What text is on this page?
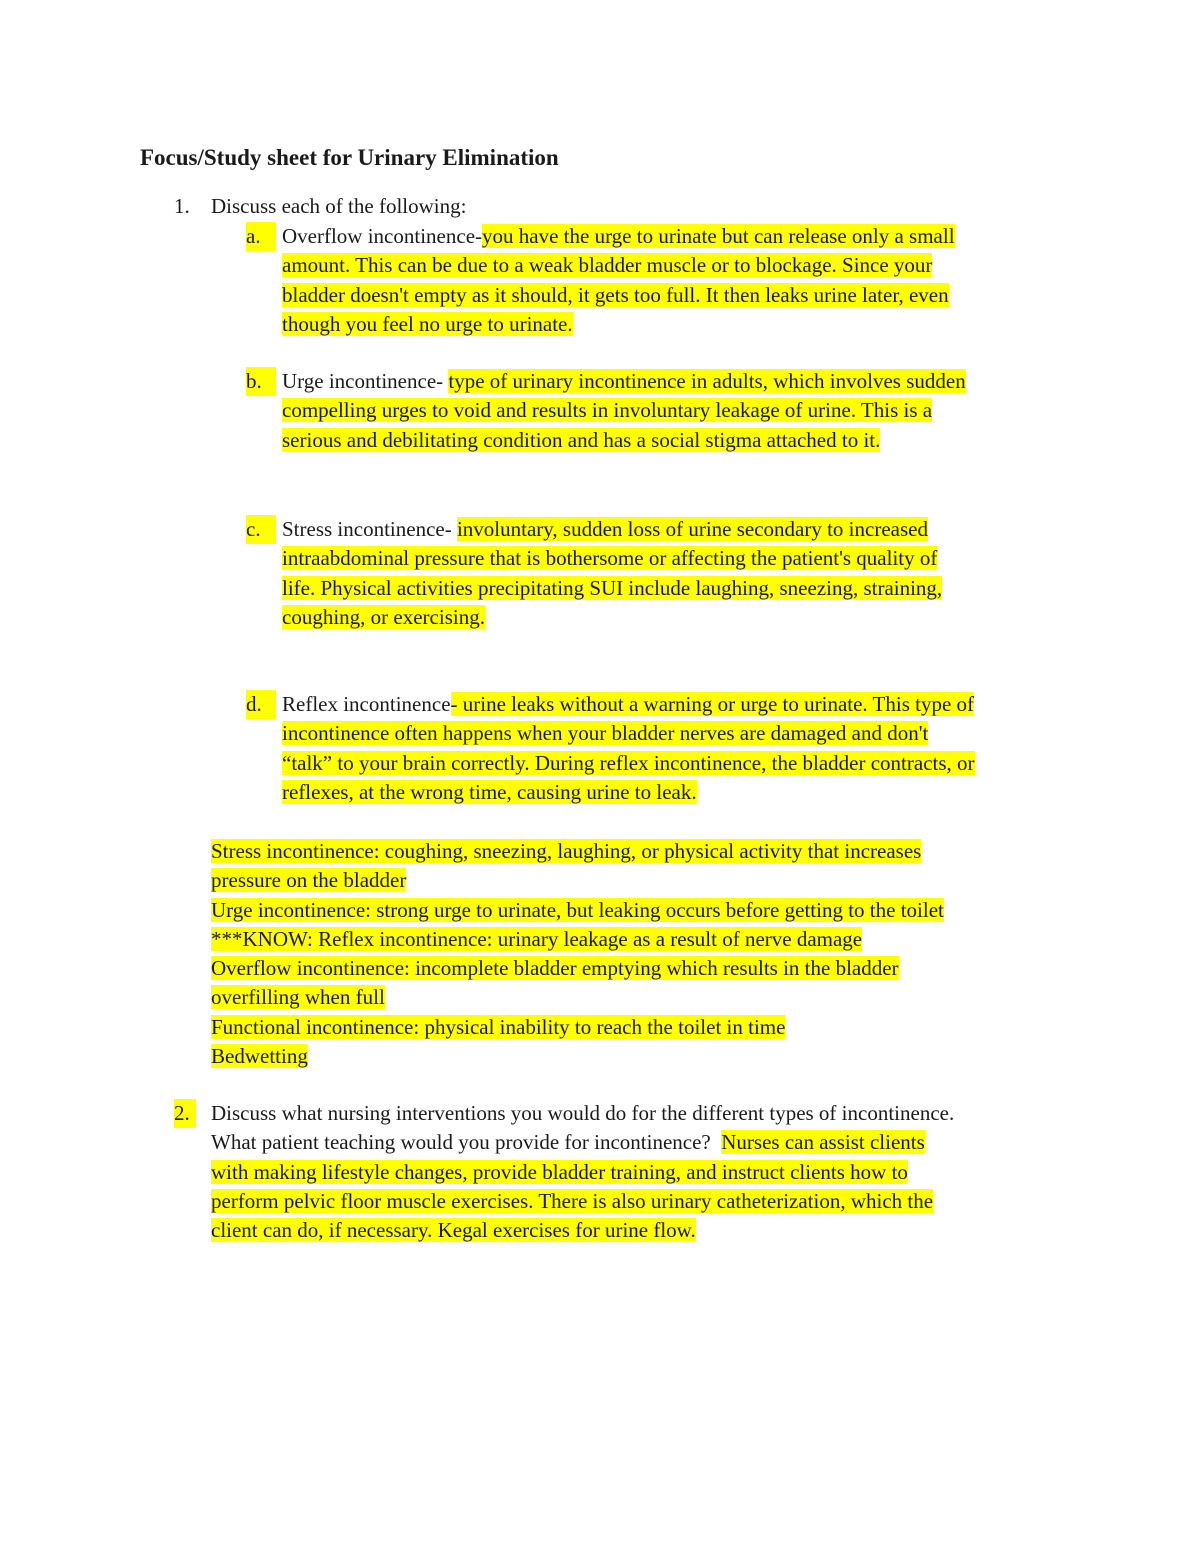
Focus/Study sheet for Urinary Elimination
1.	Discuss each of the following:
a.	Overflow incontinence-you have the urge to urinate but can release only a small
amount. This can be due to a weak bladder muscle or to blockage. Since your
bladder doesn't empty as it should, it gets too full. It then leaks urine later, even
though you feel no urge to urinate.
b. Urge incontinence- type of urinary incontinence in adults, which involves sudden
compelling urges to void and results in involuntary leakage of urine. This is a
serious and debilitating condition and has a social stigma attached to it.
c.	Stress incontinence- involuntary, sudden loss of urine secondary to increased
intraabdominal pressure that is bothersome or affecting the patient's quality of
life. Physical activities precipitating SUI include laughing, sneezing, straining,
coughing, or exercising.
d. Reflex incontinence- urine leaks without a warning or urge to urinate. This type of
incontinence often happens when your bladder nerves are damaged and don't
“talk” to your brain correctly. During reflex incontinence, the bladder contracts, or
reflexes, at the wrong time, causing urine to leak.
Stress incontinence: coughing, sneezing, laughing, or physical activity that increases
pressure on the bladder
Urge incontinence: strong urge to urinate, but leaking occurs before getting to the toilet
***KNOW: Reflex incontinence: urinary leakage as a result of nerve damage
Overflow incontinence: incomplete bladder emptying which results in the bladder
overfilling when full
Functional incontinence: physical inability to reach the toilet in time
Bedwetting
2. Discuss what nursing interventions you would do for the different types of incontinence.
What patient teaching would you provide for incontinence?  Nurses can assist clients
with making lifestyle changes, provide bladder training, and instruct clients how to
perform pelvic floor muscle exercises. There is also urinary catheterization, which the
client can do, if necessary. Kegal exercises for urine flow.
